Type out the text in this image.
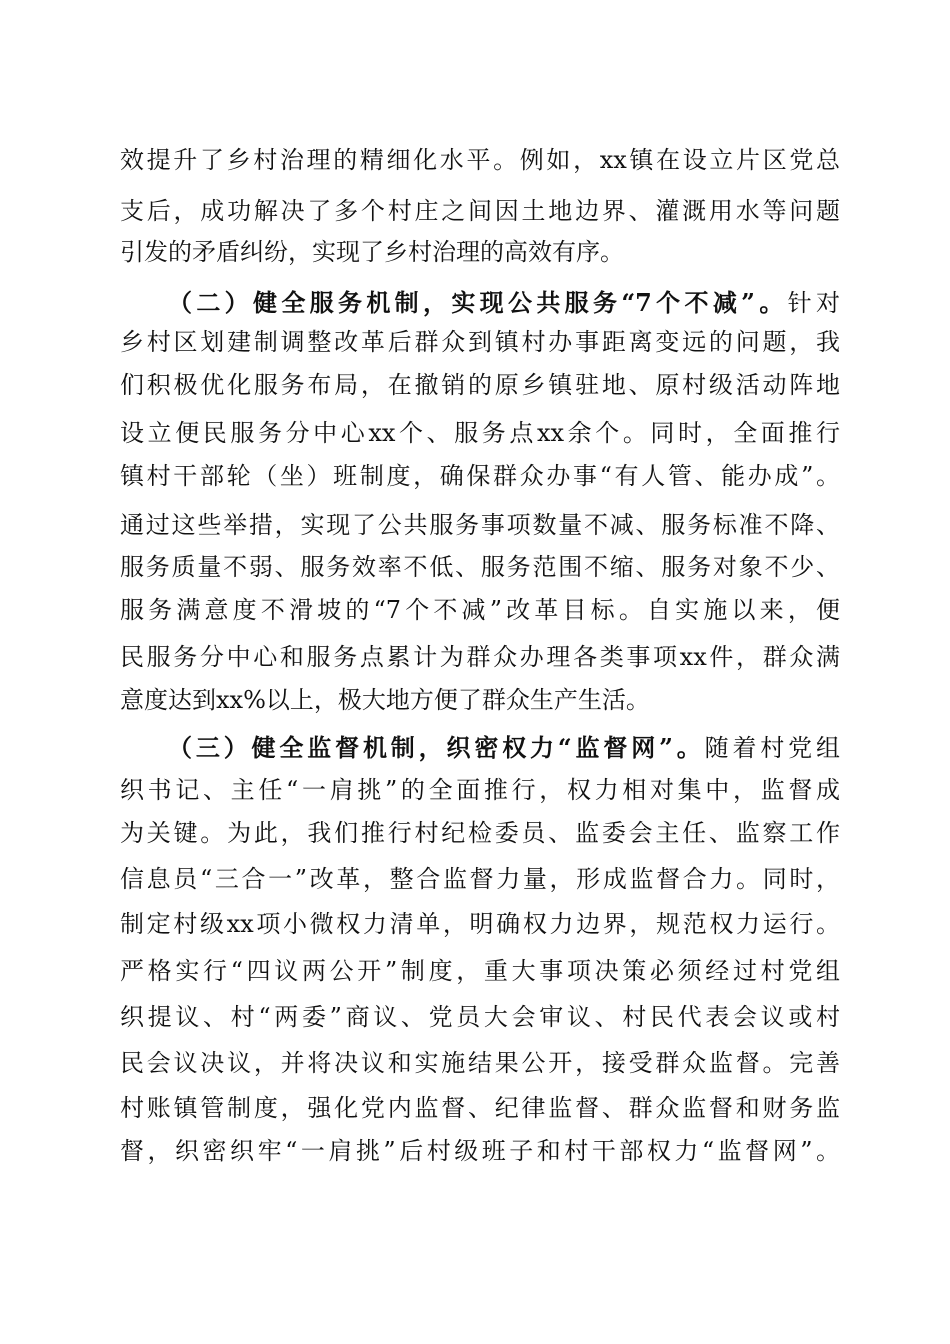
效提升了乡村治理的精细化水平。例如，xx镇在设立片区党总
支后，成功解决了多个村庄之间因土地边界、灌溉用水等问题
引发的矛盾纠纷，实现了乡村治理的高效有序。
（二）健全服务机制，实现公共服务“7个不减”。针对
乡村区划建制调整改革后群众到镇村办事距离变远的问题，我
们积极优化服务布局，在撤销的原乡镇驻地、原村级活动阵地
设立便民服务分中心xx个、服务点xx余个。同时，全面推行
镇村干部轮（坐）班制度，确保群众办事“有人管、能办成”。
通过这些举措，实现了公共服务事项数量不减、服务标准不降、
服务质量不弱、服务效率不低、服务范围不缩、服务对象不少、
服务满意度不滑坡的“7个不减”改革目标。自实施以来，便
民服务分中心和服务点累计为群众办理各类事项xx件，群众满
意度达到xx%以上，极大地方便了群众生产生活。
（三）健全监督机制，织密权力“监督网”。随着村党组
织书记、主任“一肩挑”的全面推行，权力相对集中，监督成
为关键。为此，我们推行村纪检委员、监委会主任、监察工作
信息员“三合一”改革，整合监督力量，形成监督合力。同时，
制定村级xx项小微权力清单，明确权力边界，规范权力运行。
严格实行“四议两公开”制度，重大事项决策必须经过村党组
织提议、村“两委”商议、党员大会审议、村民代表会议或村
民会议决议，并将决议和实施结果公开，接受群众监督。完善
村账镇管制度，强化党内监督、纪律监督、群众监督和财务监
督，织密织牢“一肩挑”后村级班子和村干部权力“监督网”。
